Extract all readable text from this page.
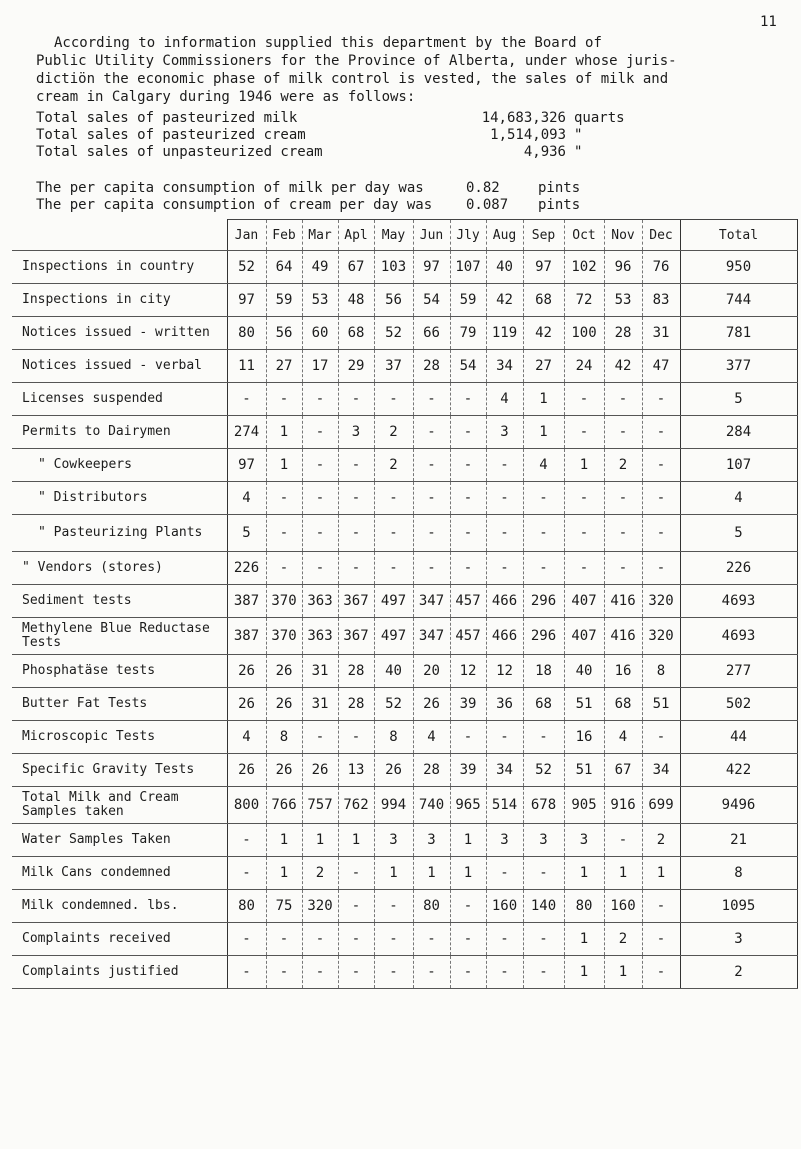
11
According to information supplied this department by the Board of
Public Utility Commissioners for the Province of Alberta, under whose juris-
dictiön the economic phase of milk control is vested, the sales of milk and
cream in Calgary during 1946 were as follows:
Total sales of pasteurized milk	14,683,326 quarts
Total sales of pasteurized cream	1,514,093 "
Total sales of unpasteurized cream	4,936 "
The per capita consumption of milk per day was	0.82	pints
The per capita consumption of cream per day was	0.087	pints
	Jan	Feb	Mar	Apl	May	Jun	Jly	Aug	Sep	Oct	Nov	Dec	Total
Inspections in country	52	64	49	67	103	97	107	40	97	102	96	76	950
Inspections in city	97	59	53	48	56	54	59	42	68	72	53	83	744
Notices issued - written	80	56	60	68	52	66	79	119	42	100	28	31	781
Notices issued - verbal	11	27	17	29	37	28	54	34	27	24	42	47	377
Licenses suspended	-	-	-	-	-	-	-	4	1	-	-	-	5
Permits to Dairymen	274	1	-	3	2	-	-	3	1	-	-	-	284
" Cowkeepers	97	1	-	-	2	-	-	-	4	1	2	-	107
" Distributors	4	-	-	-	-	-	-	-	-	-	-	-	4
" Pasteurizing Plants	5	-	-	-	-	-	-	-	-	-	-	-	5
" Vendors (stores)	226	-	-	-	-	-	-	-	-	-	-	-	226
Sediment tests	387	370	363	367	497	347	457	466	296	407	416	320	4693
Methylene Blue Reductase Tests	387	370	363	367	497	347	457	466	296	407	416	320	4693
Phosphatäse tests	26	26	31	28	40	20	12	12	18	40	16	8	277
Butter Fat Tests	26	26	31	28	52	26	39	36	68	51	68	51	502
Microscopic Tests	4	8	-	-	8	4	-	-	-	16	4	-	44
Specific Gravity Tests	26	26	26	13	26	28	39	34	52	51	67	34	422
Total Milk and Cream Samples taken	800	766	757	762	994	740	965	514	678	905	916	699	9496
Water Samples Taken	-	1	1	1	3	3	1	3	3	3	-	2	21
Milk Cans condemned	-	1	2	-	1	1	1	-	-	1	1	1	8
Milk condemned. lbs.	80	75	320	-	-	80	-	160	140	80	160	-	1095
Complaints received	-	-	-	-	-	-	-	-	-	1	2	-	3
Complaints justified	-	-	-	-	-	-	-	-	-	1	1	-	2
